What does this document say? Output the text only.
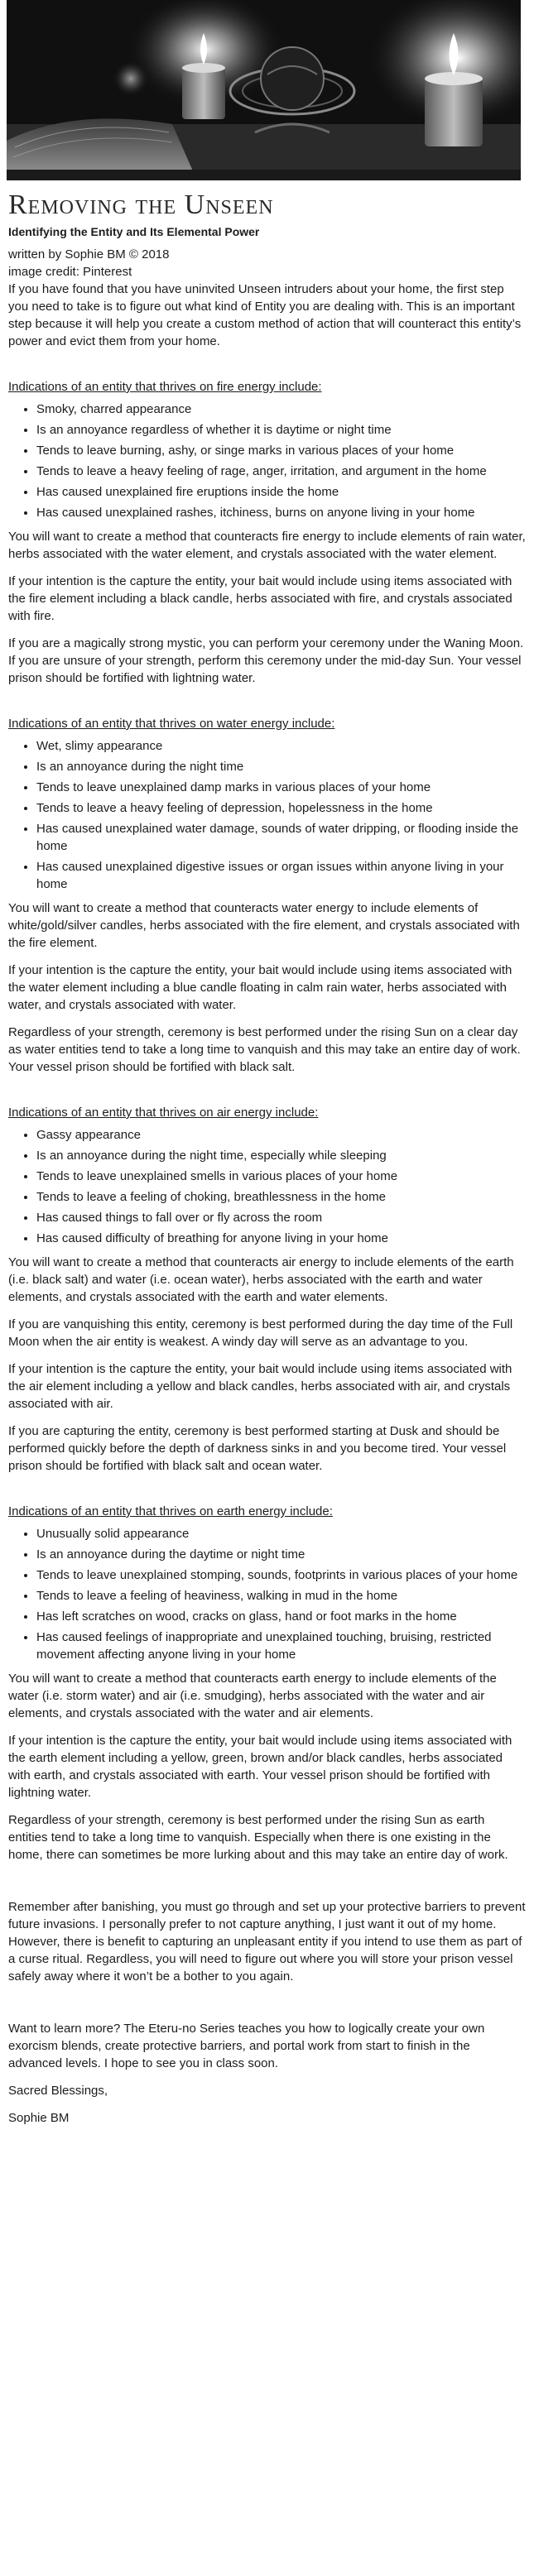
Removing the Unseen
Identifying the Entity and Its Elemental Power
written by Sophie BM © 2018
image credit: Pinterest

If you have found that you have uninvited Unseen intruders about your home, the first step you need to take is to figure out what kind of Entity you are dealing with. This is an important step because it will help you create a custom method of action that will counteract this entity’s power and evict them from your home.

Indications of an entity that thrives on fire energy include:
• Smoky, charred appearance
• Is an annoyance regardless of whether it is daytime or night time
• Tends to leave burning, ashy, or singe marks in various places of your home
• Tends to leave a heavy feeling of rage, anger, irritation, and argument in the home
• Has caused unexplained fire eruptions inside the home
• Has caused unexplained rashes, itchiness, burns on anyone living in your home

You will want to create a method that counteracts fire energy to include elements of rain water, herbs associated with the water element, and crystals associated with the water element.

If your intention is the capture the entity, your bait would include using items associated with the fire element including a black candle, herbs associated with fire, and crystals associated with fire.

If you are a magically strong mystic, you can perform your ceremony under the Waning Moon. If you are unsure of your strength, perform this ceremony under the mid-day Sun. Your vessel prison should be fortified with lightning water.

Indications of an entity that thrives on water energy include:
• Wet, slimy appearance
• Is an annoyance during the night time
• Tends to leave unexplained damp marks in various places of your home
• Tends to leave a heavy feeling of depression, hopelessness in the home
• Has caused unexplained water damage, sounds of water dripping, or flooding inside the home
• Has caused unexplained digestive issues or organ issues within anyone living in your home

You will want to create a method that counteracts water energy to include elements of white/gold/silver candles, herbs associated with the fire element, and crystals associated with the fire element.

If your intention is the capture the entity, your bait would include using items associated with the water element including a blue candle floating in calm rain water, herbs associated with water, and crystals associated with water.

Regardless of your strength, ceremony is best performed under the rising Sun on a clear day as water entities tend to take a long time to vanquish and this may take an entire day of work. Your vessel prison should be fortified with black salt.

Indications of an entity that thrives on air energy include:
• Gassy appearance
• Is an annoyance during the night time, especially while sleeping
• Tends to leave unexplained smells in various places of your home
• Tends to leave a feeling of choking, breathlessness in the home
• Has caused things to fall over or fly across the room
• Has caused difficulty of breathing for anyone living in your home

You will want to create a method that counteracts air energy to include elements of the earth (i.e. black salt) and water (i.e. ocean water), herbs associated with the earth and water elements, and crystals associated with the earth and water elements.

If you are vanquishing this entity, ceremony is best performed during the day time of the Full Moon when the air entity is weakest. A windy day will serve as an advantage to you.

If your intention is the capture the entity, your bait would include using items associated with the air element including a yellow and black candles, herbs associated with air, and crystals associated with air.

If you are capturing the entity, ceremony is best performed starting at Dusk and should be performed quickly before the depth of darkness sinks in and you become tired. Your vessel prison should be fortified with black salt and ocean water.

Indications of an entity that thrives on earth energy include:
• Unusually solid appearance
• Is an annoyance during the daytime or night time
• Tends to leave unexplained stomping, sounds, footprints in various places of your home
• Tends to leave a feeling of heaviness, walking in mud in the home
• Has left scratches on wood, cracks on glass, hand or foot marks in the home
• Has caused feelings of inappropriate and unexplained touching, bruising, restricted movement affecting anyone living in your home

You will want to create a method that counteracts earth energy to include elements of the water (i.e. storm water) and air (i.e. smudging), herbs associated with the water and air elements, and crystals associated with the water and air elements.

If your intention is the capture the entity, your bait would include using items associated with the earth element including a yellow, green, brown and/or black candles, herbs associated with earth, and crystals associated with earth. Your vessel prison should be fortified with lightning water.

Regardless of your strength, ceremony is best performed under the rising Sun as earth entities tend to take a long time to vanquish. Especially when there is one existing in the home, there can sometimes be more lurking about and this may take an entire day of work.

Remember after banishing, you must go through and set up your protective barriers to prevent future invasions. I personally prefer to not capture anything, I just want it out of my home. However, there is benefit to capturing an unpleasant entity if you intend to use them as part of a curse ritual. Regardless, you will need to figure out where you will store your prison vessel safely away where it won’t be a bother to you again.

Want to learn more? The Eteru-no Series teaches you how to logically create your own exorcism blends, create protective barriers, and portal work from start to finish in the advanced levels. I hope to see you in class soon.

Sacred Blessings,

Sophie BM
